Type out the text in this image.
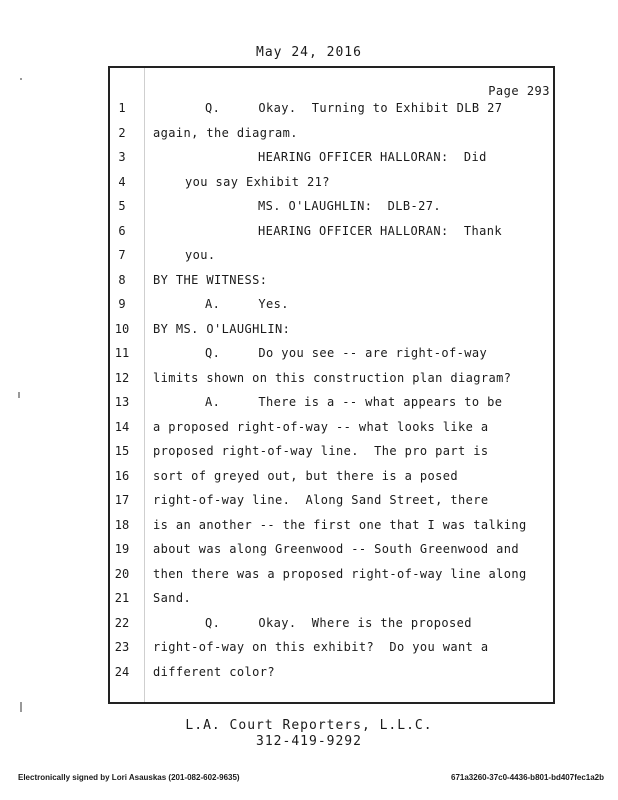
May 24, 2016
Page 293
1	Q.     Okay.  Turning to Exhibit DLB 27
2	again, the diagram.
3	HEARING OFFICER HALLORAN:  Did
4	you say Exhibit 21?
5	MS. O'LAUGHLIN:  DLB-27.
6	HEARING OFFICER HALLORAN:  Thank
7	you.
8	BY THE WITNESS:
9	A.     Yes.
10	BY MS. O'LAUGHLIN:
11	Q.     Do you see -- are right-of-way
12	limits shown on this construction plan diagram?
13	A.     There is a -- what appears to be
14	a proposed right-of-way -- what looks like a
15	proposed right-of-way line.  The pro part is
16	sort of greyed out, but there is a posed
17	right-of-way line.  Along Sand Street, there
18	is an another -- the first one that I was talking
19	about was along Greenwood -- South Greenwood and
20	then there was a proposed right-of-way line along
21	Sand.
22	Q.     Okay.  Where is the proposed
23	right-of-way on this exhibit?  Do you want a
24	different color?
L.A. Court Reporters, L.L.C.
312-419-9292
Electronically signed by Lori Asauskas (201-082-602-9635)	671a3260-37c0-4436-b801-bd407fec1a2b
